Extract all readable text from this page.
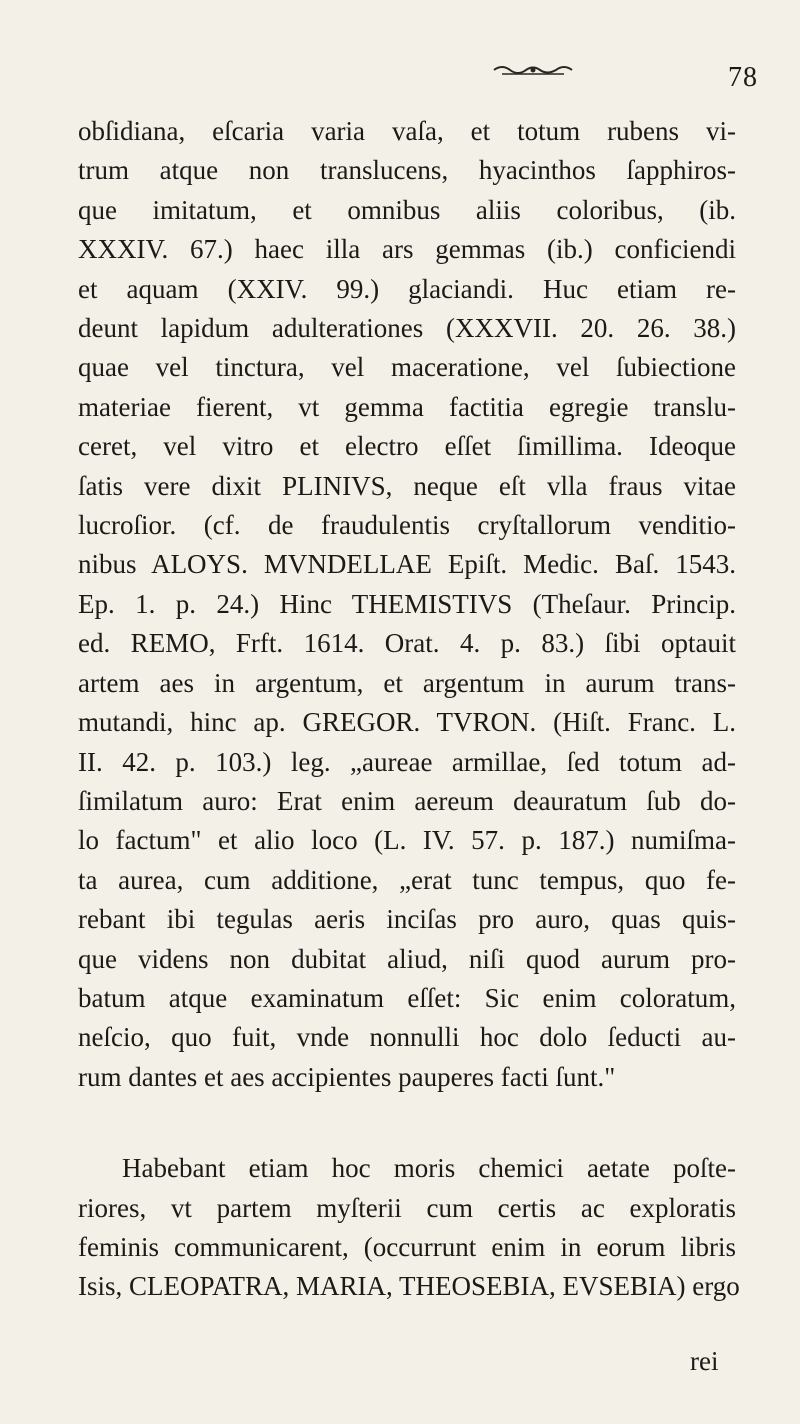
78
obſidiana, eſcaria varia vaſa, et totum rubens vi-
trum atque non translucens, hyacinthos ſapphiros-
que imitatum, et omnibus aliis coloribus, (ib.
XXXIV. 67.) haec illa ars gemmas (ib.) conficiendi
et aquam (XXIV. 99.) glaciandi. Huc etiam re-
deunt lapidum adulterationes (XXXVII. 20. 26. 38.)
quae vel tinctura, vel maceratione, vel ſubiectione
materiae fierent, vt gemma factitia egregie translu-
ceret, vel vitro et electro eſſet ſimillima. Ideoque
ſatis vere dixit PLINIVS, neque eſt vlla fraus vitae
lucroſior. (cf. de fraudulentis cryſtallorum venditio-
nibus ALOYS. MVNDELLAE Epiſt. Medic. Baſ. 1543.
Ep. 1. p. 24.) Hinc THEMISTIVS (Theſaur. Princip.
ed. REMO, Frft. 1614. Orat. 4. p. 83.) ſibi optauit
artem aes in argentum, et argentum in aurum trans-
mutandi, hinc ap. GREGOR. TVRON. (Hiſt. Franc. L.
II. 42. p. 103.) leg. „aureae armillae, ſed totum ad-
ſimilatum auro: Erat enim aereum deauratum ſub do-
lo factum" et alio loco (L. IV. 57. p. 187.) numiſma-
ta aurea, cum additione, „erat tunc tempus, quo fe-
rebant ibi tegulas aeris inciſas pro auro, quas quis-
que videns non dubitat aliud, niſi quod aurum pro-
batum atque examinatum eſſet: Sic enim coloratum,
neſcio, quo fuit, vnde nonnulli hoc dolo ſeducti au-
rum dantes et aes accipientes pauperes facti ſunt."
Habebant etiam hoc moris chemici aetate poſte-
riores, vt partem myſterii cum certis ac exploratis
feminis communicarent, (occurrunt enim in eorum libris
Isis, CLEOPATRA, MARIA, THEOSEBIA, EVSEBIA) ergo
rei
